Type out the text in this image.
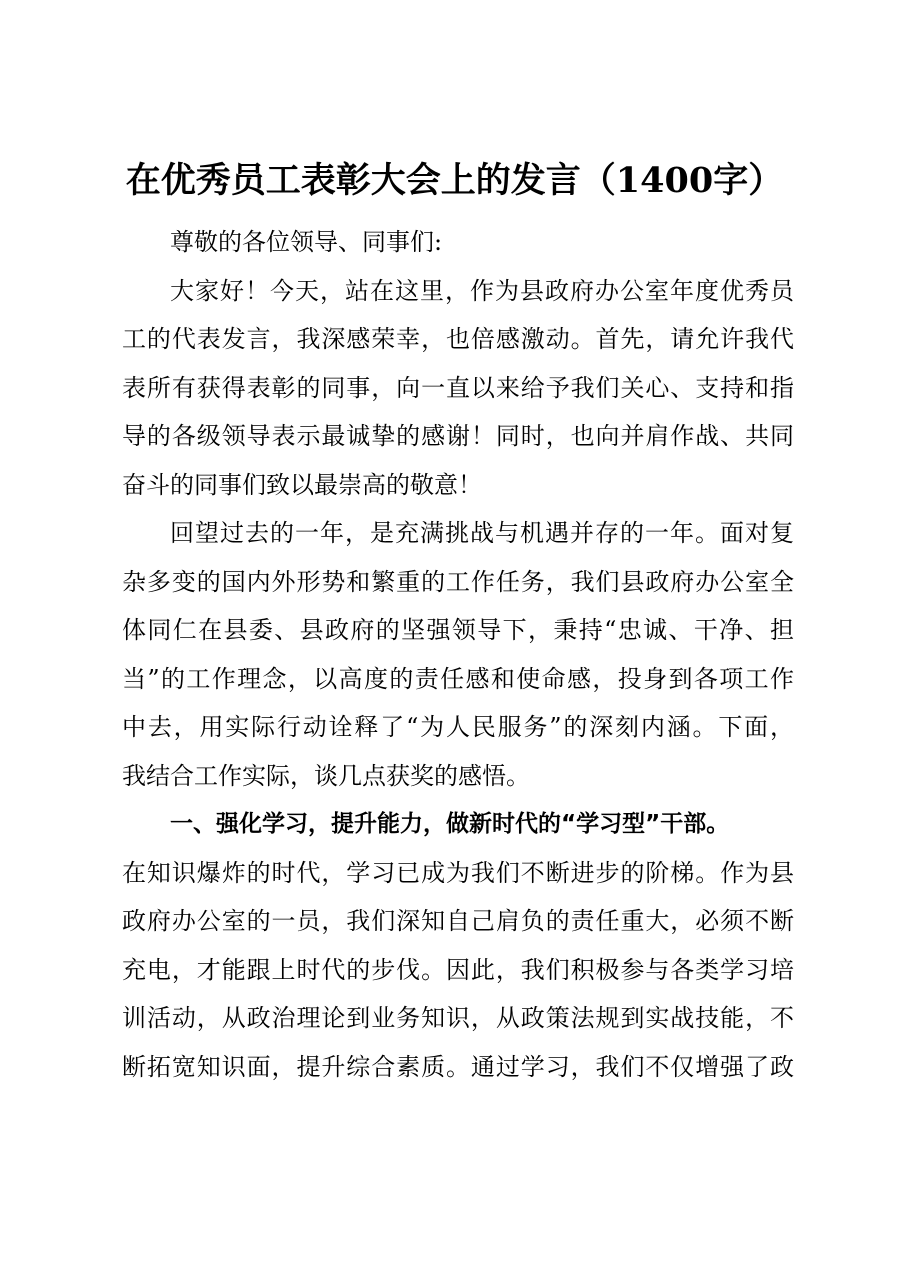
在优秀员工表彰大会上的发言（1400字）
尊敬的各位领导、同事们:
大家好！今天，站在这里，作为县政府办公室年度优秀员
工的代表发言，我深感荣幸，也倍感激动。首先，请允许我代
表所有获得表彰的同事，向一直以来给予我们关心、支持和指
导的各级领导表示最诚挚的感谢！同时，也向并肩作战、共同
奋斗的同事们致以最崇高的敬意！
回望过去的一年，是充满挑战与机遇并存的一年。面对复
杂多变的国内外形势和繁重的工作任务，我们县政府办公室全
体同仁在县委、县政府的坚强领导下，秉持“忠诚、干净、担
当”的工作理念，以高度的责任感和使命感，投身到各项工作
中去，用实际行动诠释了“为人民服务”的深刻内涵。下面，
我结合工作实际，谈几点获奖的感悟。
一、强化学习，提升能力，做新时代的“学习型”干部。
在知识爆炸的时代，学习已成为我们不断进步的阶梯。作为县
政府办公室的一员，我们深知自己肩负的责任重大，必须不断
充电，才能跟上时代的步伐。因此，我们积极参与各类学习培
训活动，从政治理论到业务知识，从政策法规到实战技能，不
断拓宽知识面，提升综合素质。通过学习，我们不仅增强了政
